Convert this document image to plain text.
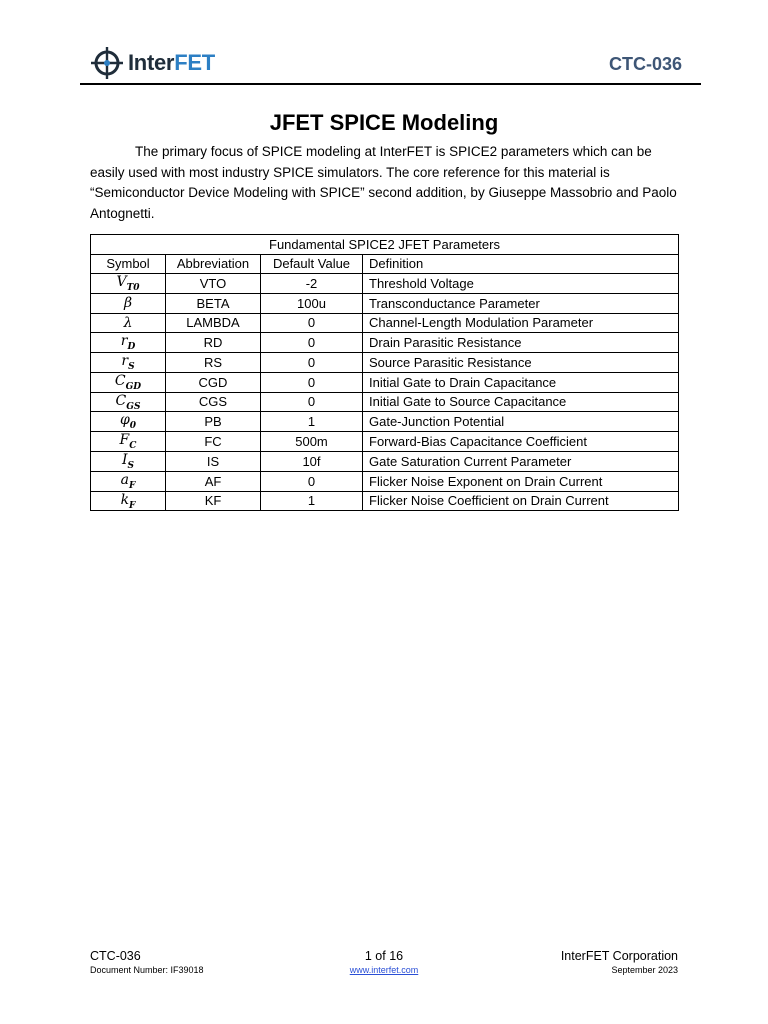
InterFET	CTC-036
JFET SPICE Modeling

The primary focus of SPICE modeling at InterFET is SPICE2 parameters which can be easily used with most industry SPICE simulators. The core reference for this material is “Semiconductor Device Modeling with SPICE” second addition, by Giuseppe Massobrio and Paolo Antognetti.

Fundamental SPICE2 JFET Parameters			
Symbol	Abbreviation	Default Value	Definition
$V_{T0}$	VTO	-2	Threshold Voltage
β	BETA	100u	Transconductance Parameter
λ	LAMBDA	0	Channel-Length Modulation Parameter
$r_D$	RD	0	Drain Parasitic Resistance
$r_S$	RS	0	Source Parasitic Resistance
$C_{GD}$	CGD	0	Initial Gate to Drain Capacitance
$C_{GS}$	CGS	0	Initial Gate to Source Capacitance
$\varphi_0$	PB	1	Gate-Junction Potential
$F_C$	FC	500m	Forward-Bias Capacitance Coefficient
$I_S$	IS	10f	Gate Saturation Current Parameter
$a_F$	AF	0	Flicker Noise Exponent on Drain Current
$k_F$	KF	1	Flicker Noise Coefficient on Drain Current
CTC-036
Document Number: IF39018
1 of 16
www.interfet.com
InterFET Corporation
September 2023
